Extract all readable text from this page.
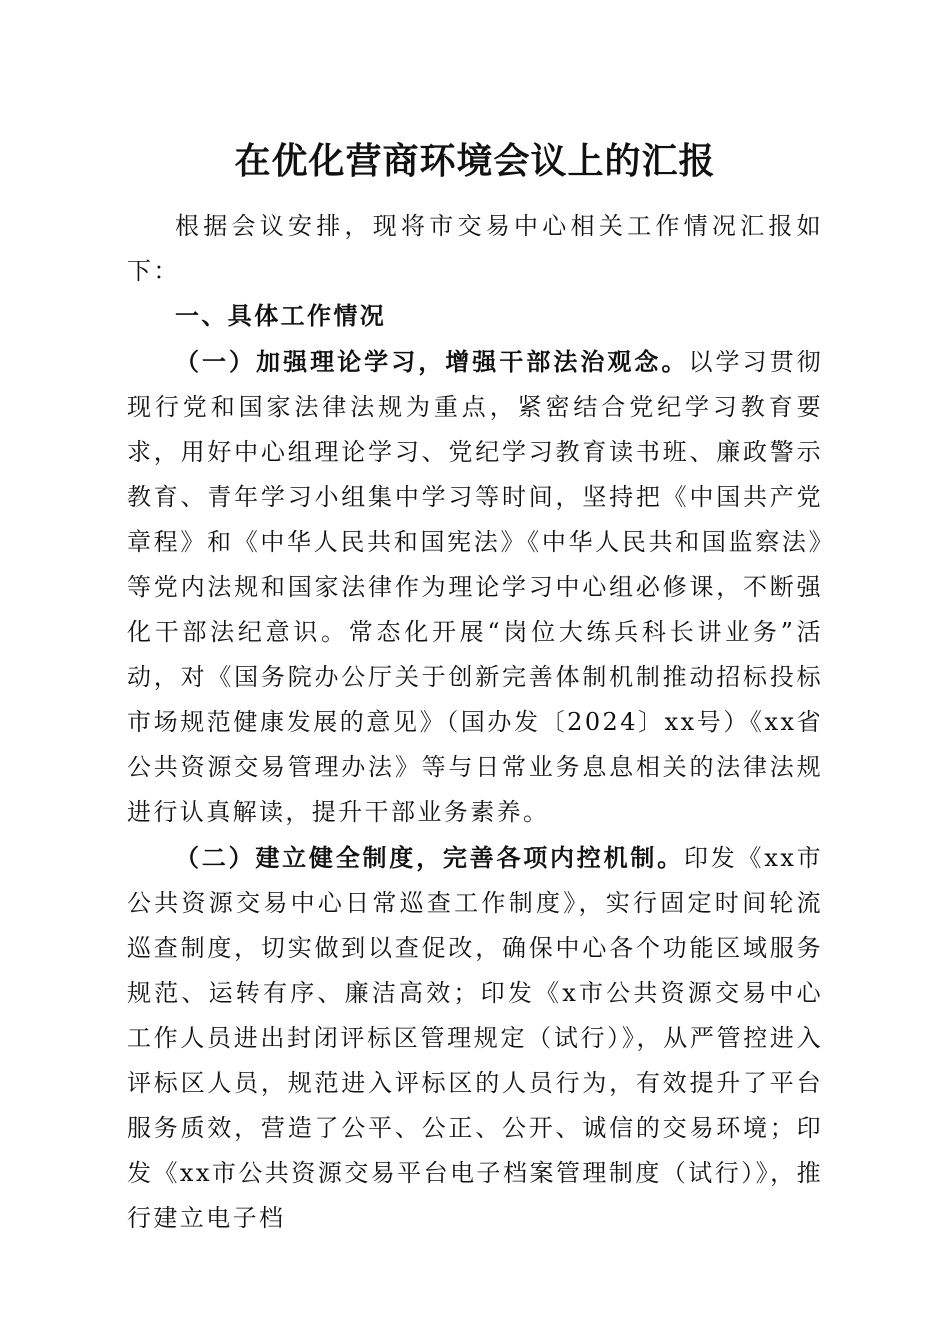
在优化营商环境会议上的汇报

根据会议安排，现将市交易中心相关工作情况汇报如下：

一、具体工作情况

（一）加强理论学习，增强干部法治观念。以学习贯彻现行党和国家法律法规为重点，紧密结合党纪学习教育要求，用好中心组理论学习、党纪学习教育读书班、廉政警示教育、青年学习小组集中学习等时间，坚持把《中国共产党章程》和《中华人民共和国宪法》《中华人民共和国监察法》等党内法规和国家法律作为理论学习中心组必修课，不断强化干部法纪意识。常态化开展“岗位大练兵科长讲业务”活动，对《国务院办公厅关于创新完善体制机制推动招标投标市场规范健康发展的意见》（国办发〔2024〕xx号）《xx省公共资源交易管理办法》等与日常业务息息相关的法律法规进行认真解读，提升干部业务素养。

（二）建立健全制度，完善各项内控机制。印发《xx市公共资源交易中心日常巡查工作制度》，实行固定时间轮流巡查制度，切实做到以查促改，确保中心各个功能区域服务规范、运转有序、廉洁高效；印发《x市公共资源交易中心工作人员进出封闭评标区管理规定（试行）》，从严管控进入评标区人员，规范进入评标区的人员行为，有效提升了平台服务质效，营造了公平、公正、公开、诚信的交易环境；印发《xx市公共资源交易平台电子档案管理制度（试行）》，推行建立电子档
